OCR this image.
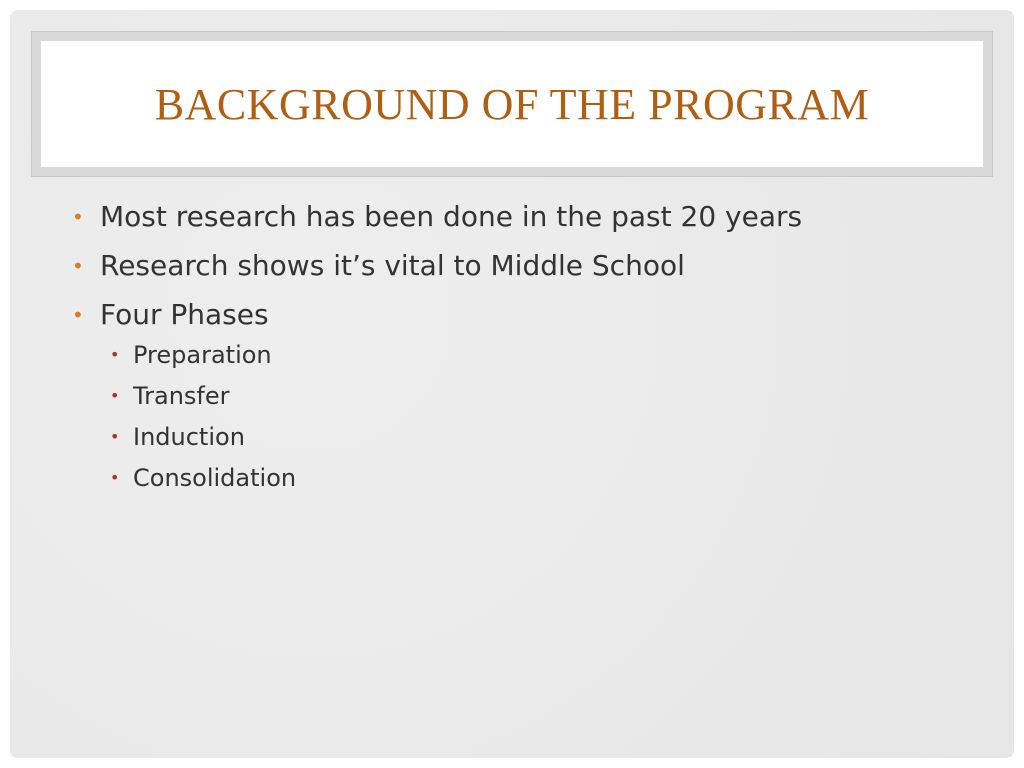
BACKGROUND OF THE PROGRAM
• Most research has been done in the past 20 years
• Research shows it’s vital to Middle School
• Four Phases
• Preparation
• Transfer
• Induction
• Consolidation
